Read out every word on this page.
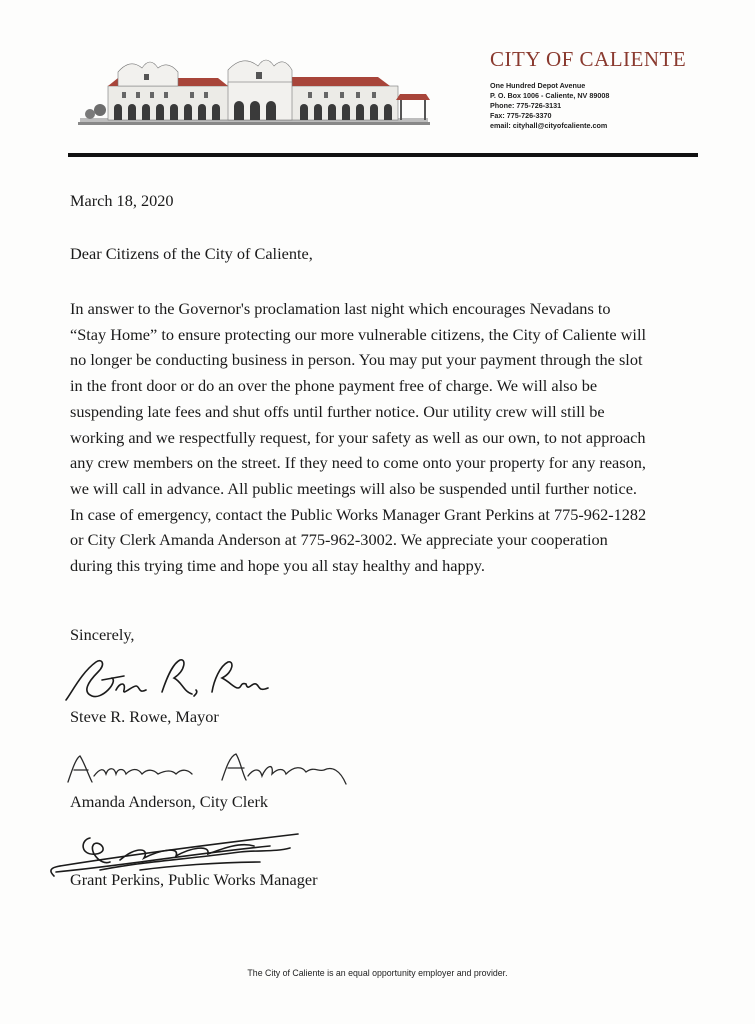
CITY OF CALIENTE
One Hundred Depot Avenue
P. O. Box 1006 - Caliente, NV 89008
Phone: 775-726-3131
Fax: 775-726-3370
email: cityhall@cityofcaliente.com
March 18, 2020
Dear Citizens of the City of Caliente,
In answer to the Governor's proclamation last night which encourages Nevadans to
“Stay Home” to ensure protecting our more vulnerable citizens, the City of Caliente will
no longer be conducting business in person. You may put your payment through the slot
in the front door or do an over the phone payment free of charge. We will also be
suspending late fees and shut offs until further notice. Our utility crew will still be
working and we respectfully request, for your safety as well as our own, to not approach
any crew members on the street. If they need to come onto your property for any reason,
we will call in advance. All public meetings will also be suspended until further notice.
In case of emergency, contact the Public Works Manager Grant Perkins at 775-962-1282
or City Clerk Amanda Anderson at 775-962-3002. We appreciate your cooperation
during this trying time and hope you all stay healthy and happy.
Sincerely,
Steve R. Rowe, Mayor
Amanda Anderson, City Clerk
Grant Perkins, Public Works Manager
The City of Caliente is an equal opportunity employer and provider.
